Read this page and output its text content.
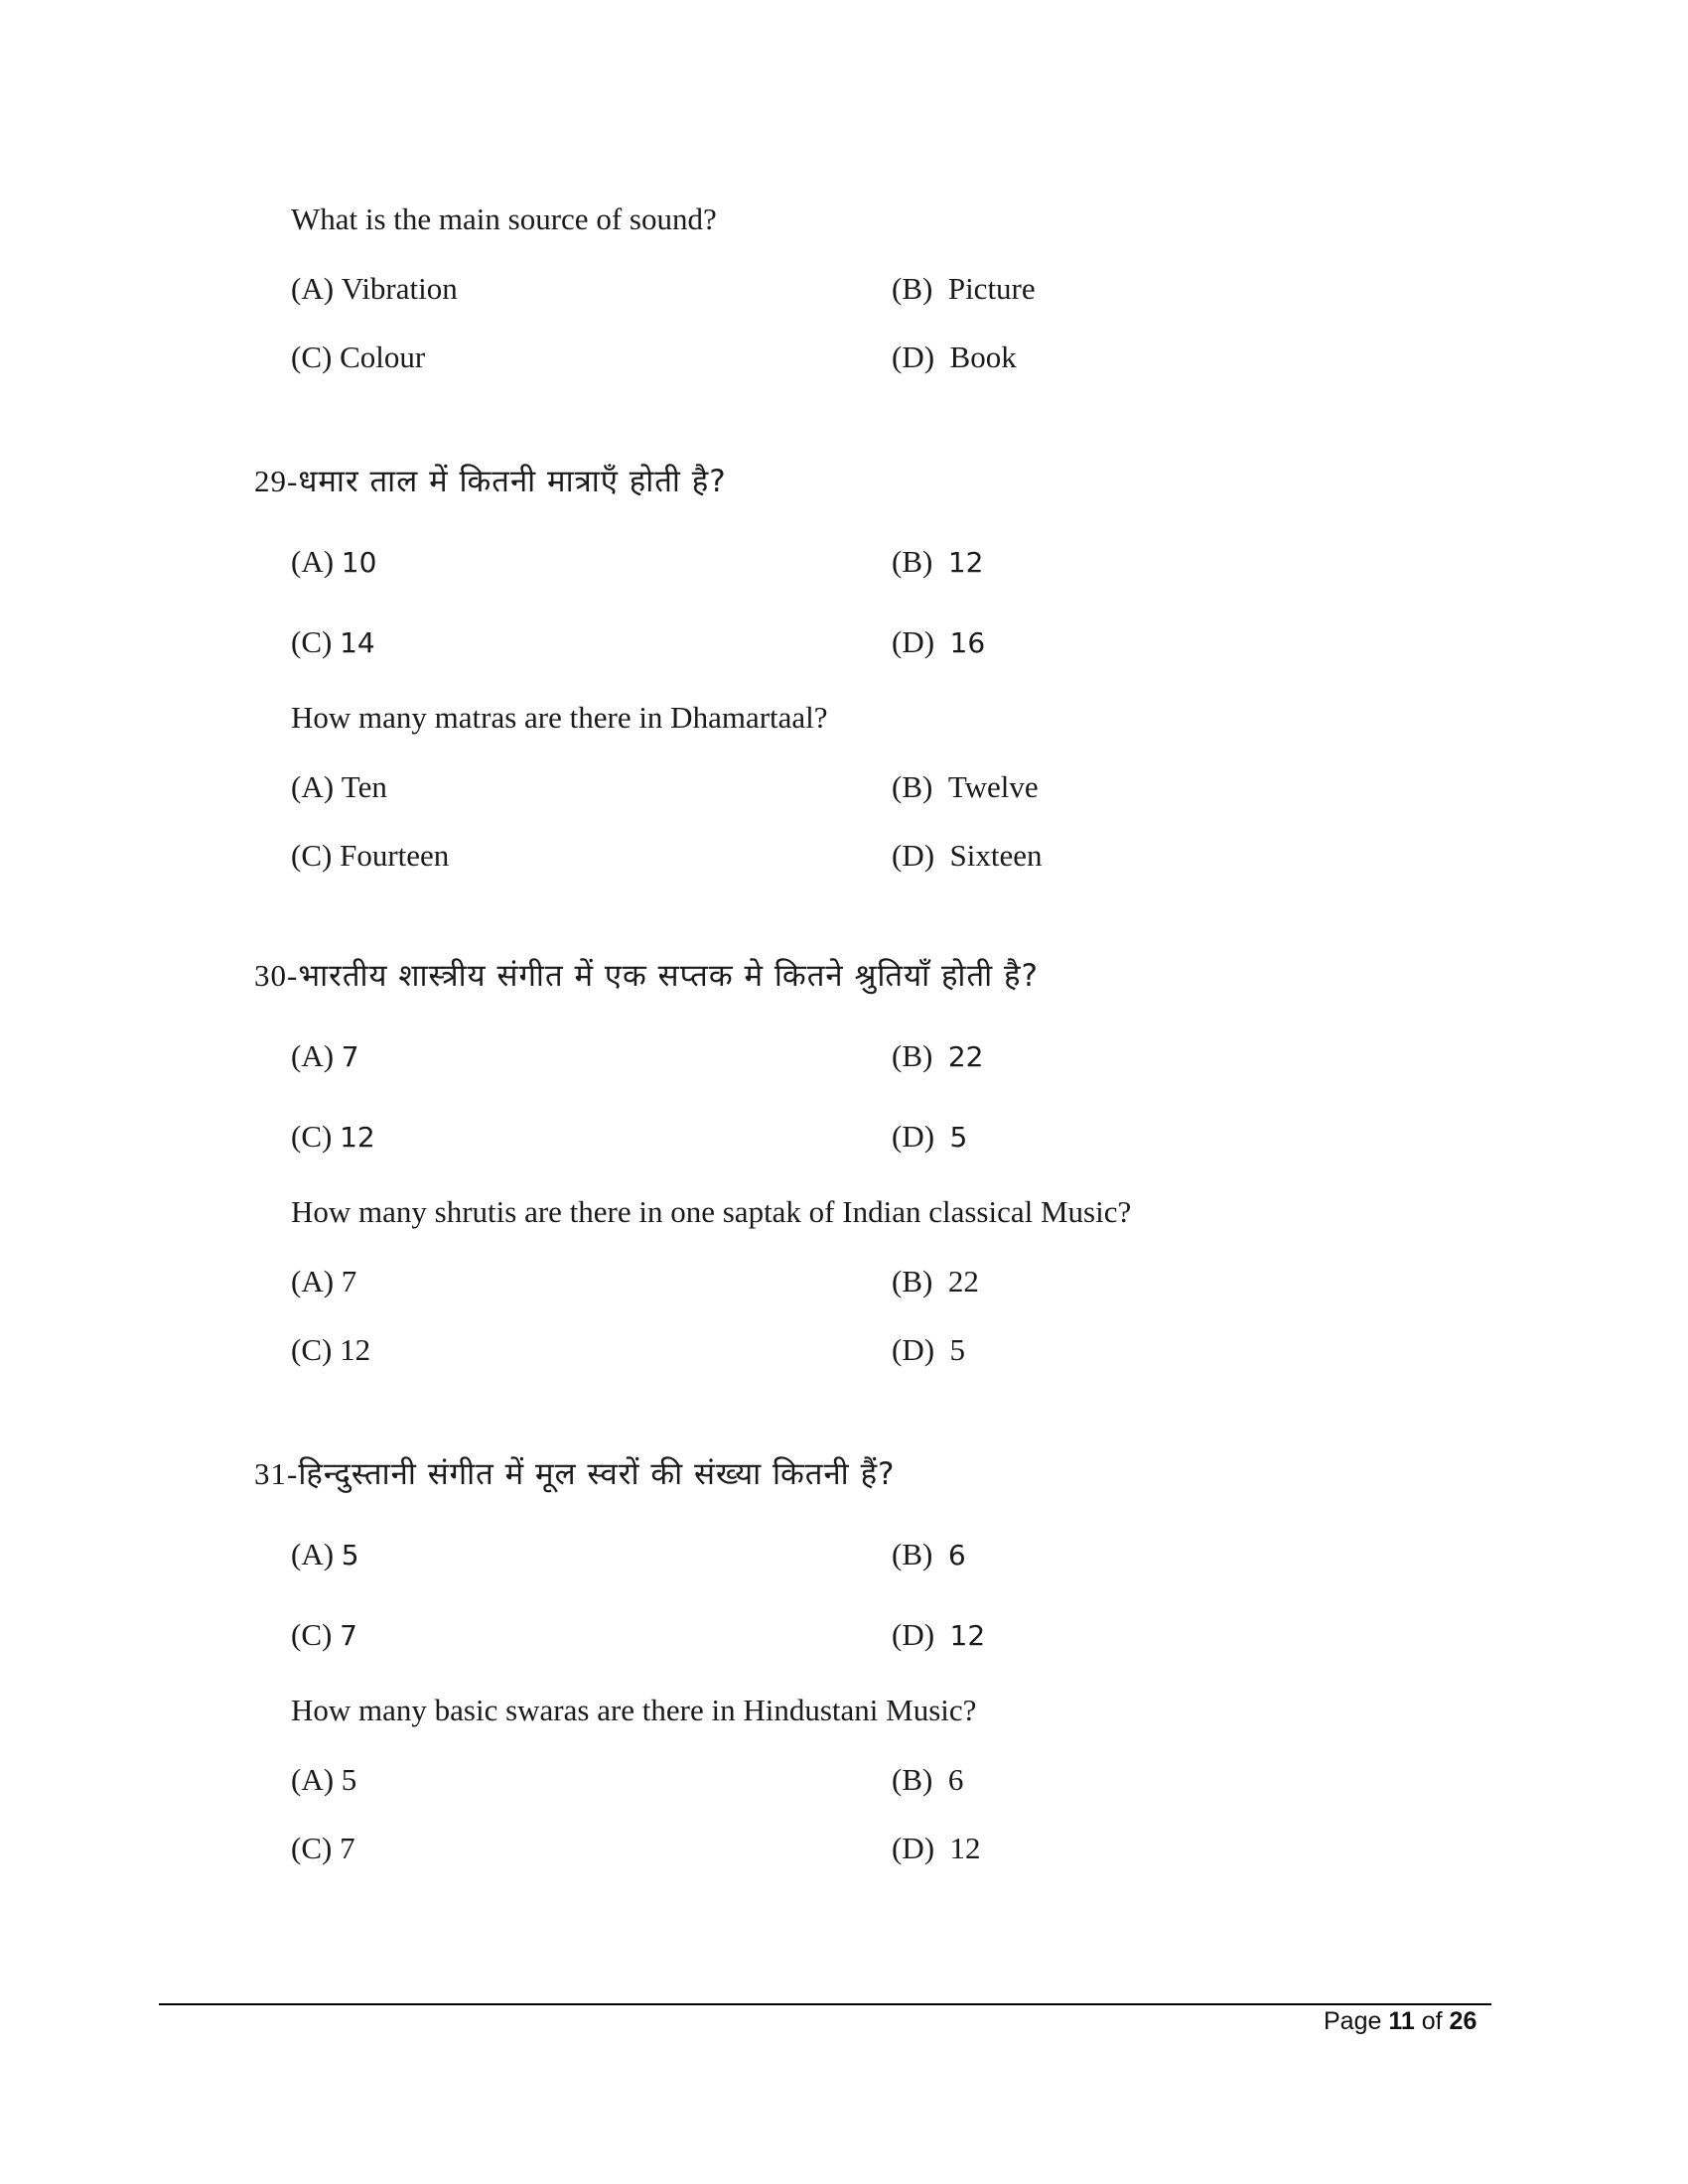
What is the main source of sound?
(A) Vibration	(B) Picture
(C) Colour	(D) Book
29-धमार ताल में कितनी मात्राएँ होती है?
(A) 10	(B) 12
(C) 14	(D) 16
How many matras are there in Dhamartaal?
(A) Ten	(B) Twelve
(C) Fourteen	(D) Sixteen
30-भारतीय शास्त्रीय संगीत में एक सप्तक मे कितने श्रुतियाँ होती है?
(A) 7	(B) 22
(C) 12	(D) 5
How many shrutis are there in one saptak of Indian classical Music?
(A) 7	(B) 22
(C) 12	(D) 5
31-हिन्दुस्तानी संगीत में मूल स्वरों की संख्या कितनी हैं?
(A) 5	(B) 6
(C) 7	(D) 12
How many basic swaras are there in Hindustani Music?
(A) 5	(B) 6
(C) 7	(D) 12
Page 11 of 26
